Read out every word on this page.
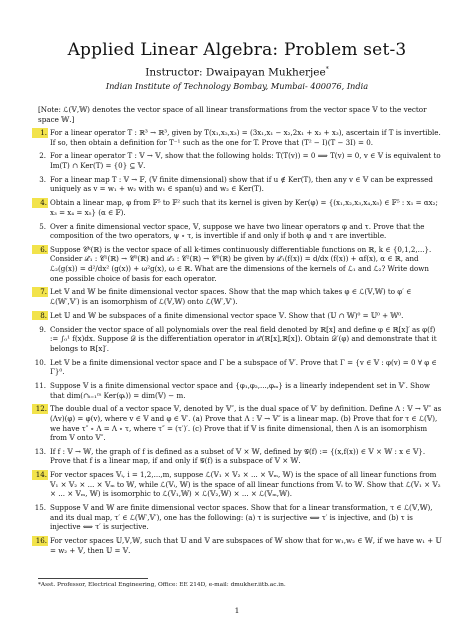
Applied Linear Algebra: Problem set-3
Instructor: Dwaipayan Mukherjee*
Indian Institute of Technology Bombay, Mumbai- 400076, India
[Note: ℒ(𝕍,𝕎) denotes the vector space of all linear transformations from the vector space 𝕍 to the vector space 𝕎.]
1. For a linear operator T : ℝ³ → ℝ³, given by T(x₁,x₂,x₃) = (3x₁,x₁ − x₂,2x₁ + x₂ + x₃), ascertain if T is invertible. If so, then obtain a definition for T⁻¹ such as the one for T. Prove that (T² − I)(T − 3I) = 0.
2. For a linear operator T : 𝕍 → 𝕍, show that the following holds: T(T(v)) = 0 ⟹ T(v) = 0, v ∈ 𝕍 is equivalent to Im(T) ∩ Ker(T) = {0} ⊆ 𝕍.
3. For a linear map T : 𝕍 → 𝔽, (𝕍 finite dimensional) show that if u ∉ Ker(T), then any v ∈ 𝕍 can be expressed uniquely as v = w₁ + w₂ with w₁ ∈ span(u) and w₂ ∈ Ker(T).
4. Obtain a linear map, φ from 𝔽⁵ to 𝔽² such that its kernel is given by Ker(φ) = {(x₁,x₂,x₃,x₄,x₅) ∈ 𝔽⁵ : x₁ = αx₂; x₃ = x₄ = x₅} (α ∈ 𝔽).
5. Over a finite dimensional vector space, 𝕍, suppose we have two linear operators φ and τ. Prove that the composition of the two operators, ψ ∘ τ, is invertible if and only if both φ and τ are invertible.
6. Suppose 𝒞ᵏ(ℝ) is the vector space of all k-times continuously differentiable functions on ℝ, k ∈ {0,1,2,...}. Consider ℒ₁ : 𝒞¹(ℝ) → 𝒞⁰(ℝ) and ℒ₂ : 𝒞²(ℝ) → 𝒞⁰(ℝ) be given by ℒ₁(f(x)) = d/dx (f(x)) + αf(x), α ∈ ℝ, and ℒ₂(g(x)) = d²/dx² (g(x)) + ω²g(x), ω ∈ ℝ. What are the dimensions of the kernels of ℒ₁ and ℒ₂? Write down one possible choice of basis for each operator.
7. Let 𝕍 and 𝕎 be finite dimensional vector spaces. Show that the map which takes φ ∈ ℒ(𝕍,𝕎) to φ′ ∈ ℒ(𝕎′,𝕍′) is an isomorphism of ℒ(𝕍,𝕎) onto ℒ(𝕎′,𝕍′).
8. Let 𝕌 and 𝕎 be subspaces of a finite dimensional vector space 𝕍. Show that (𝕌 ∩ 𝕎)⁰ = 𝕌⁰ + 𝕎⁰.
9. Consider the vector space of all polynomials over the real field denoted by ℝ[x] and define φ ∈ ℝ[x]′ as φ(f) := ∫₀¹ f(x)dx. Suppose 𝒟 is the differentiation operator in ℒ(ℝ[x],ℝ[x]). Obtain 𝒟′(φ) and demonstrate that it belongs to ℝ[x]′.
10. Let 𝕍 be a finite dimensional vector space and Γ be a subspace of 𝕍′. Prove that Γ = {v ∈ 𝕍 : φ(v) = 0 ∀ φ ∈ Γ}⁰.
11. Suppose 𝕍 is a finite dimensional vector space and {φ₁,φ₂,...,φₘ} is a linearly independent set in 𝕍′. Show that dim(∩ᵢ₌₁ᵐ Ker(φᵢ)) = dim(𝕍) − m.
12. The double dual of a vector space 𝕍, denoted by 𝕍″, is the dual space of 𝕍′ by definition. Define Λ : 𝕍 → 𝕍″ as (Λv)(φ) = φ(v), where v ∈ 𝕍 and φ ∈ 𝕍′. (a) Prove that Λ : 𝕍 → 𝕍″ is a linear map. (b) Prove that for τ ∈ ℒ(𝕍), we have τ″ ∘ Λ = Λ ∘ τ, where τ″ = (τ′)′. (c) Prove that if 𝕍 is finite dimensional, then Λ is an isomorphism from 𝕍 onto 𝕍″.
13. If f : 𝕍 → 𝕎, the graph of f is defined as a subset of 𝕍 × 𝕎, defined by 𝒢(f) := {(x,f(x)) ∈ 𝕍 × 𝕎 : x ∈ 𝕍}. Prove that f is a linear map, if and only if 𝒢(f) is a subspace of 𝕍 × 𝕎.
14. For vector spaces 𝕍ᵢ, i = 1,2,...,m, suppose ℒ(𝕍₁ × 𝕍₂ × ... × 𝕍ₘ, 𝕎) is the space of all linear functions from 𝕍₁ × 𝕍₂ × ... × 𝕍ₘ to 𝕎, while ℒ(𝕍ᵢ, 𝕎) is the space of all linear functions from 𝕍ᵢ to 𝕎. Show that ℒ(𝕍₁ × 𝕍₂ × ... × 𝕍ₘ, 𝕎) is isomorphic to ℒ(𝕍₁,𝕎) × ℒ(𝕍₂,𝕎) × ... × ℒ(𝕍ₘ,𝕎).
15. Suppose 𝕍 and 𝕎 are finite dimensional vector spaces. Show that for a linear transformation, τ ∈ ℒ(𝕍,𝕎), and its dual map, τ′ ∈ ℒ(𝕎′,𝕍′), one has the following: (a) τ is surjective ⟺ τ′ is injective, and (b) τ is injective ⟺ τ′ is surjective.
16. For vector spaces 𝕌,𝕍,𝕎, such that 𝕌 and 𝕍 are subspaces of 𝕎 show that for w₁,w₂ ∈ 𝕎, if we have w₁ + 𝕌 = w₂ + 𝕍, then 𝕌 = 𝕍.
*Asst. Professor, Electrical Engineering, Office: EE 214D, e-mail: dmukher.iitb.ac.in.
1
